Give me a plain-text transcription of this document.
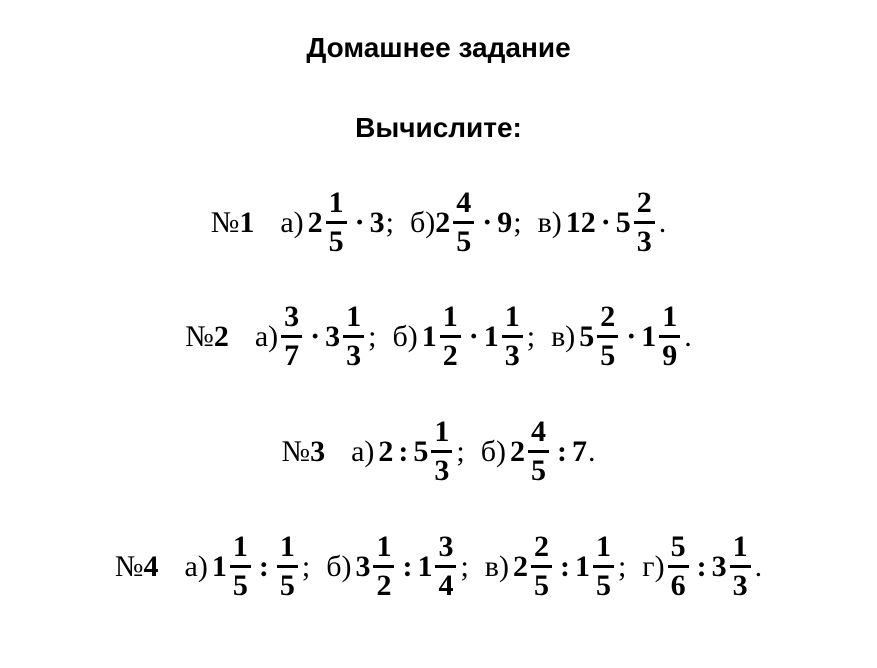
Домашнее задание
Вычислите:
№1 а) $2 \frac{1}{5} \cdot 3$ ; б) $2 \frac{4}{5} \cdot 9$ ; в) $12 \cdot 5 \frac{2}{3}$ .
№2 $а) \frac{3}{7} \cdot 3 \frac{1}{3}$ ; б) $1 \frac{1}{2} \cdot 1 \frac{1}{3}$ ; в) $5 \frac{2}{5} \cdot 1 \frac{1}{9}$ .
№3 а) 2 : $5 \frac{1}{3}$ ; б) $2 \frac{4}{5}$ : 7 .
№4 а) $1 \frac{1}{5}$ : $\frac{1}{5}$ ; б) $3 \frac{1}{2}$ : $1 \frac{3}{4}$ ; в) $2 \frac{2}{5}$ : $1 \frac{1}{5}$ ; $г) \frac{5}{6}$ : $3 \frac{1}{3}$ .
